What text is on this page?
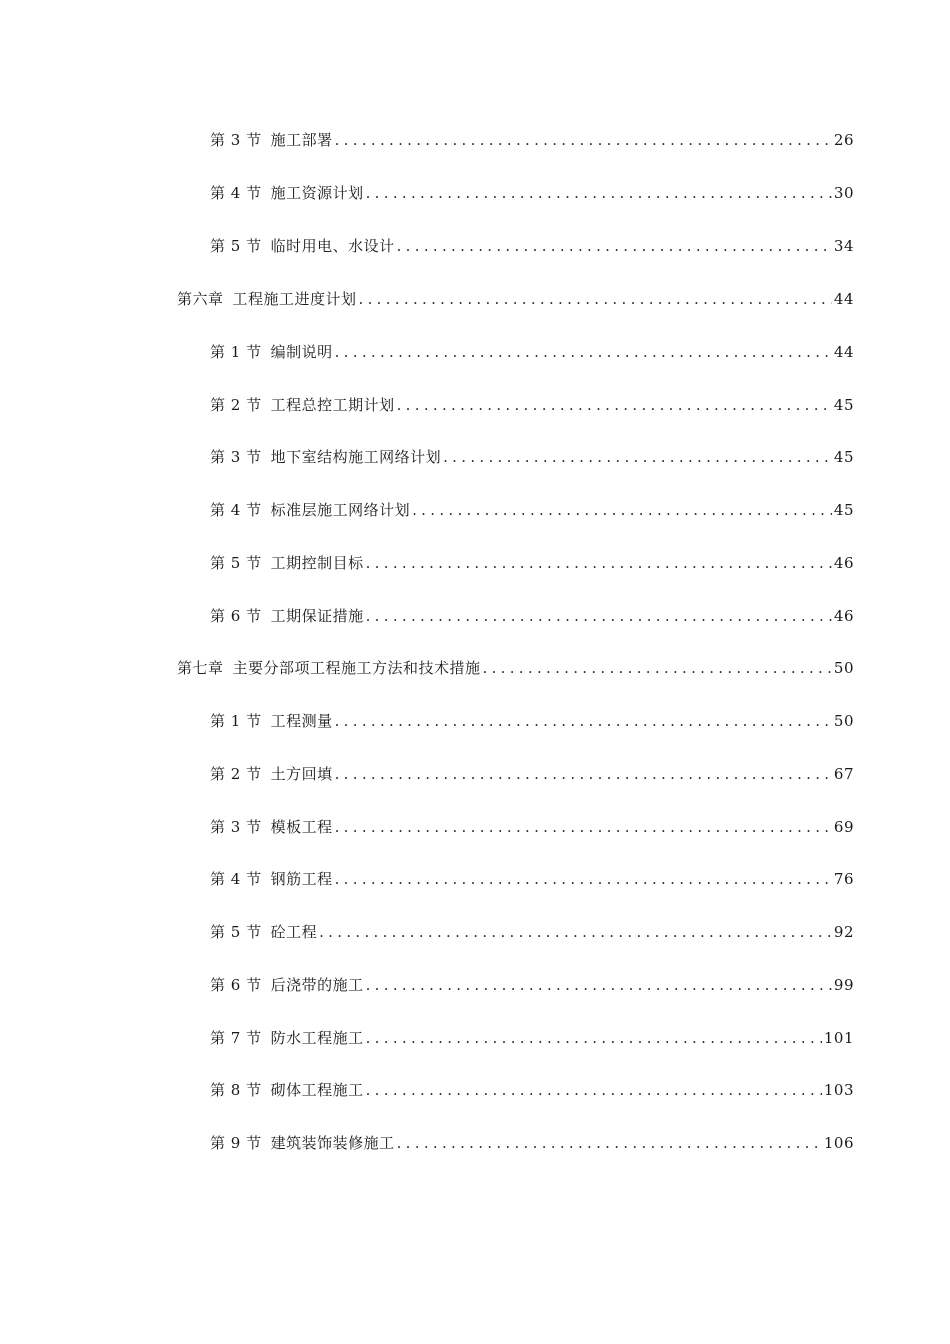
第 3 节 施工部署 .....	26
第 4 节 施工资源计划 .....	30
第 5 节 临时用电、水设计 .....	34
第六章 工程施工进度计划 .....	44
第 1 节 编制说明 .....	44
第 2 节 工程总控工期计划 .....	45
第 3 节 地下室结构施工网络计划 .....	45
第 4 节 标准层施工网络计划 .....	45
第 5 节 工期控制目标 .....	46
第 6 节 工期保证措施 .....	46
第七章 主要分部项工程施工方法和技术措施 .....	50
第 1 节 工程测量 .....	50
第 2 节 土方回填 .....	67
第 3 节 模板工程 .....	69
第 4 节 钢筋工程 .....	76
第 5 节 砼工程 .....	92
第 6 节 后浇带的施工 .....	99
第 7 节 防水工程施工 .....	101
第 8 节 砌体工程施工 .....	103
第 9 节 建筑装饰装修施工 .....	106
